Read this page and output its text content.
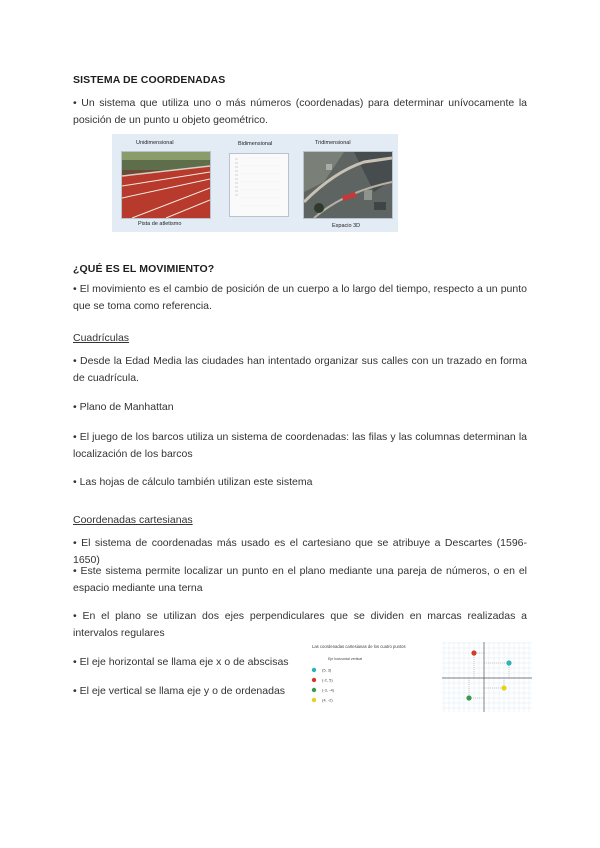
SISTEMA DE COORDENADAS
• Un sistema que utiliza uno o más números (coordenadas) para determinar unívocamente la posición de un punto u objeto geométrico.
Unidimensional	Bidimensional	Tridimensional
Pista de atletismo	Espacio 3D
¿QUÉ ES EL MOVIMIENTO?
• El movimiento es el cambio de posición de un cuerpo a lo largo del tiempo, respecto a un punto que se toma como referencia.
Cuadrículas
• Desde la Edad Media las ciudades han intentado organizar sus calles con un trazado en forma de cuadrícula.
• Plano de Manhattan
• El juego de los barcos utiliza un sistema de coordenadas: las filas y las columnas determinan la localización de los barcos
• Las hojas de cálculo también utilizan este sistema
Coordenadas cartesianas
• El sistema de coordenadas más usado es el cartesiano que se atribuye a Descartes (1596- 1650)
• Este sistema permite localizar un punto en el plano mediante una pareja de números, o en el espacio mediante una terna
• En el plano se utilizan dos ejes perpendiculares que se dividen en marcas realizadas a intervalos regulares
• El eje horizontal se llama eje x o de abscisas
• El eje vertical se llama eje y o de ordenadas
Las coordenadas cartesianas de los cuatro puntos
Eje horizontal vertical
(5, 3)
(-2, 5)
(-3, -4)
(4, -2)
